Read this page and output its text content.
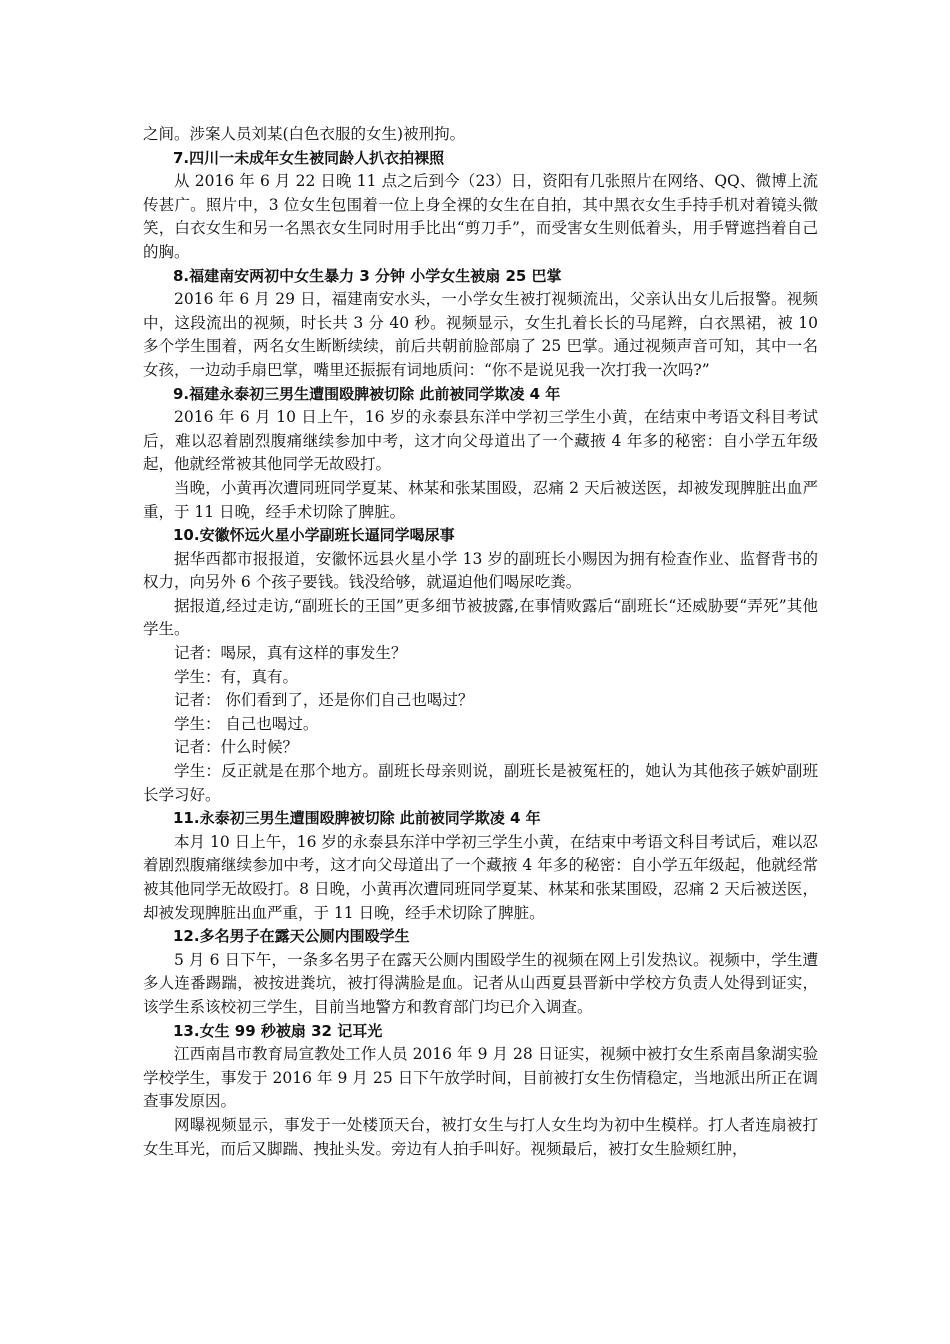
之间。涉案人员刘某(白色衣服的女生)被刑拘。

7.四川一未成年女生被同龄人扒衣拍裸照

从 2016 年 6 月 22 日晚 11 点之后到今（23）日，资阳有几张照片在网络、QQ、微博上流传甚广。照片中，3 位女生包围着一位上身全裸的女生在自拍，其中黑衣女生手持手机对着镜头微笑，白衣女生和另一名黑衣女生同时用手比出“剪刀手”，而受害女生则低着头，用手臂遮挡着自己的胸。

8.福建南安两初中女生暴力 3 分钟 小学女生被扇 25 巴掌

2016 年 6 月 29 日，福建南安水头，一小学女生被打视频流出，父亲认出女儿后报警。视频中，这段流出的视频，时长共 3 分 40 秒。视频显示，女生扎着长长的马尾辫，白衣黑裙，被 10 多个学生围着，两名女生断断续续，前后共朝前脸部扇了 25 巴掌。通过视频声音可知，其中一名女孩，一边动手扇巴掌，嘴里还振振有词地质问：“你不是说见我一次打我一次吗?”

9.福建永泰初三男生遭围殴脾被切除 此前被同学欺凌 4 年

2016 年 6 月 10 日上午，16 岁的永泰县东洋中学初三学生小黄，在结束中考语文科目考试后，难以忍着剧烈腹痛继续参加中考，这才向父母道出了一个藏掖 4 年多的秘密：自小学五年级起，他就经常被其他同学无故殴打。

当晚，小黄再次遭同班同学夏某、林某和张某围殴，忍痛 2 天后被送医，却被发现脾脏出血严重，于 11 日晚，经手术切除了脾脏。

10.安徽怀远火星小学副班长逼同学喝尿事

据华西都市报报道，安徽怀远县火星小学 13 岁的副班长小赐因为拥有检查作业、监督背书的权力，向另外 6 个孩子要钱。钱没给够，就逼迫他们喝尿吃粪。

据报道,经过走访,“副班长的王国”更多细节被披露,在事情败露后“副班长“还威胁要“弄死”其他学生。

记者：喝尿，真有这样的事发生？

学生：有，真有。

记者： 你们看到了，还是你们自己也喝过？

学生： 自己也喝过。

记者：什么时候？

学生：反正就是在那个地方。副班长母亲则说，副班长是被冤枉的，她认为其他孩子嫉妒副班长学习好。

11.永泰初三男生遭围殴脾被切除 此前被同学欺凌 4 年

本月 10 日上午，16 岁的永泰县东洋中学初三学生小黄，在结束中考语文科目考试后，难以忍着剧烈腹痛继续参加中考，这才向父母道出了一个藏掖 4 年多的秘密：自小学五年级起，他就经常被其他同学无故殴打。8 日晚，小黄再次遭同班同学夏某、林某和张某围殴，忍痛 2 天后被送医，却被发现脾脏出血严重，于 11 日晚，经手术切除了脾脏。

12.多名男子在露天公厕内围殴学生

5 月 6 日下午，一条多名男子在露天公厕内围殴学生的视频在网上引发热议。视频中，学生遭多人连番踢踹，被按进粪坑，被打得满脸是血。记者从山西夏县晋新中学校方负责人处得到证实，该学生系该校初三学生，目前当地警方和教育部门均已介入调查。

13.女生 99 秒被扇 32 记耳光

江西南昌市教育局宣教处工作人员 2016 年 9 月 28 日证实，视频中被打女生系南昌象湖实验学校学生，事发于 2016 年 9 月 25 日下午放学时间，目前被打女生伤情稳定，当地派出所正在调查事发原因。

网曝视频显示，事发于一处楼顶天台，被打女生与打人女生均为初中生模样。打人者连扇被打女生耳光，而后又脚踹、拽扯头发。旁边有人拍手叫好。视频最后，被打女生脸颊红肿，
